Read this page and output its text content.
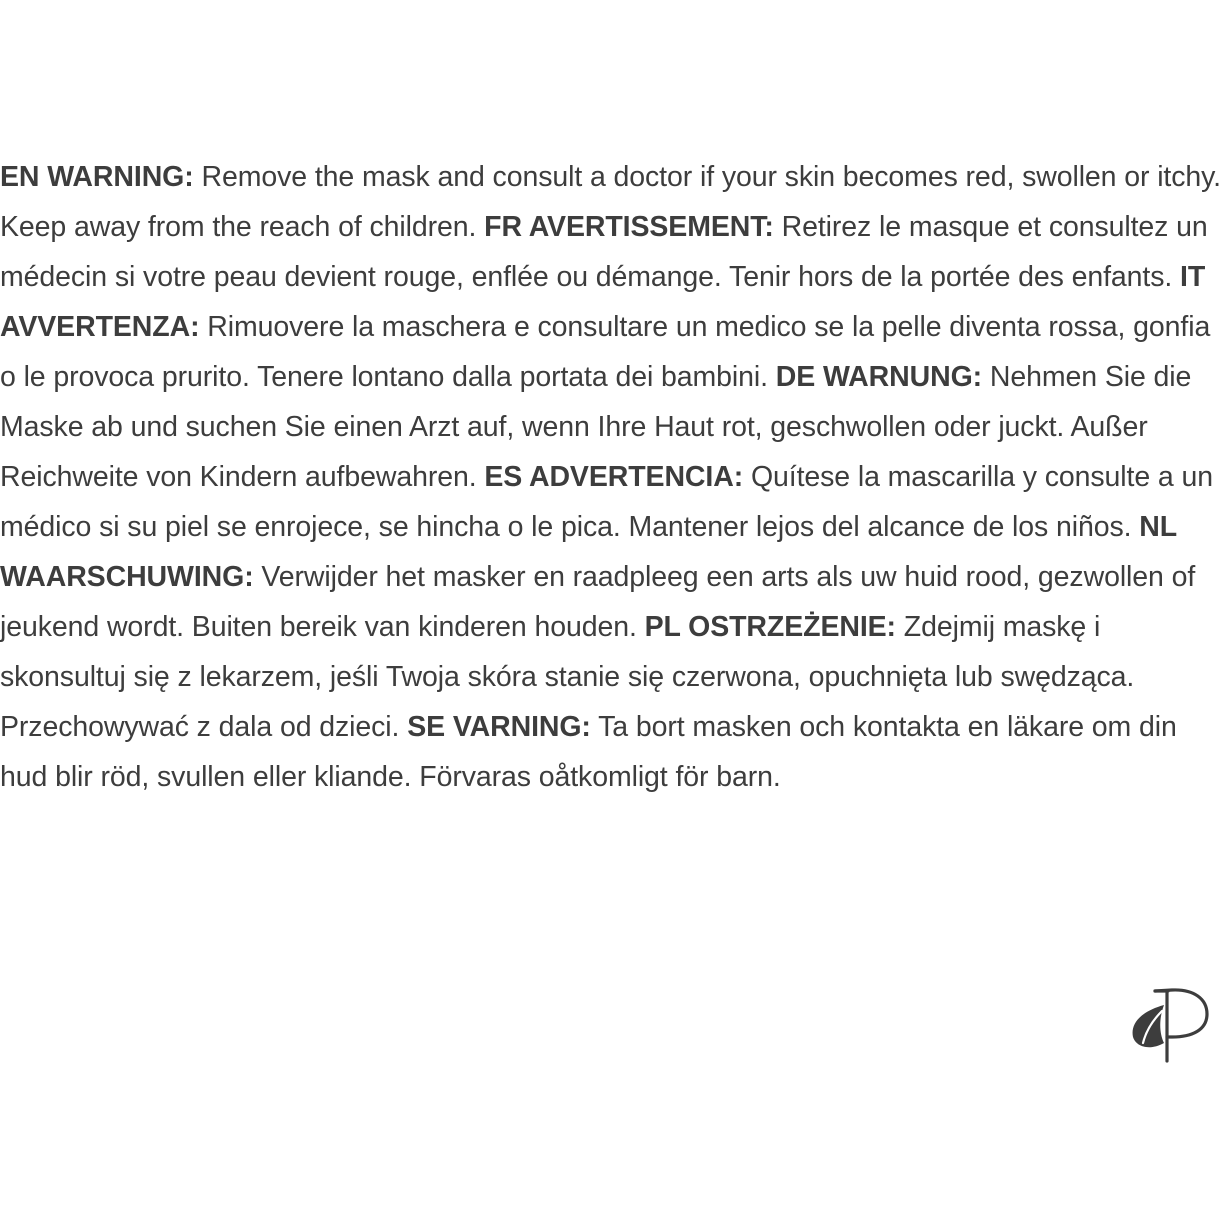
EN WARNING: Remove the mask and consult a doctor if your skin becomes red, swollen or itchy. Keep away from the reach of children. FR AVERTISSEMENT: Retirez le masque et consultez un médecin si votre peau devient rouge, enflée ou démange. Tenir hors de la portée des enfants. IT AVVERTENZA: Rimuovere la maschera e consultare un medico se la pelle diventa rossa, gonfia o le provoca prurito. Tenere lontano dalla portata dei bambini. DE WARNUNG: Nehmen Sie die Maske ab und suchen Sie einen Arzt auf, wenn Ihre Haut rot, geschwollen oder juckt. Außer Reichweite von Kindern aufbewahren. ES ADVERTENCIA: Quítese la mascarilla y consulte a un médico si su piel se enrojece, se hincha o le pica. Mantener lejos del alcance de los niños. NL WAARSCHUWING: Verwijder het masker en raadpleeg een arts als uw huid rood, gezwollen of jeukend wordt. Buiten bereik van kinderen houden. PL OSTRZEŻENIE: Zdejmij maskę i skonsultuj się z lekarzem, jeśli Twoja skóra stanie się czerwona, opuchnięta lub swędząca. Przechowywać z dala od dzieci. SE VARNING: Ta bort masken och kontakta en läkare om din hud blir röd, svullen eller kliande. Förvaras oåtkomligt för barn.
